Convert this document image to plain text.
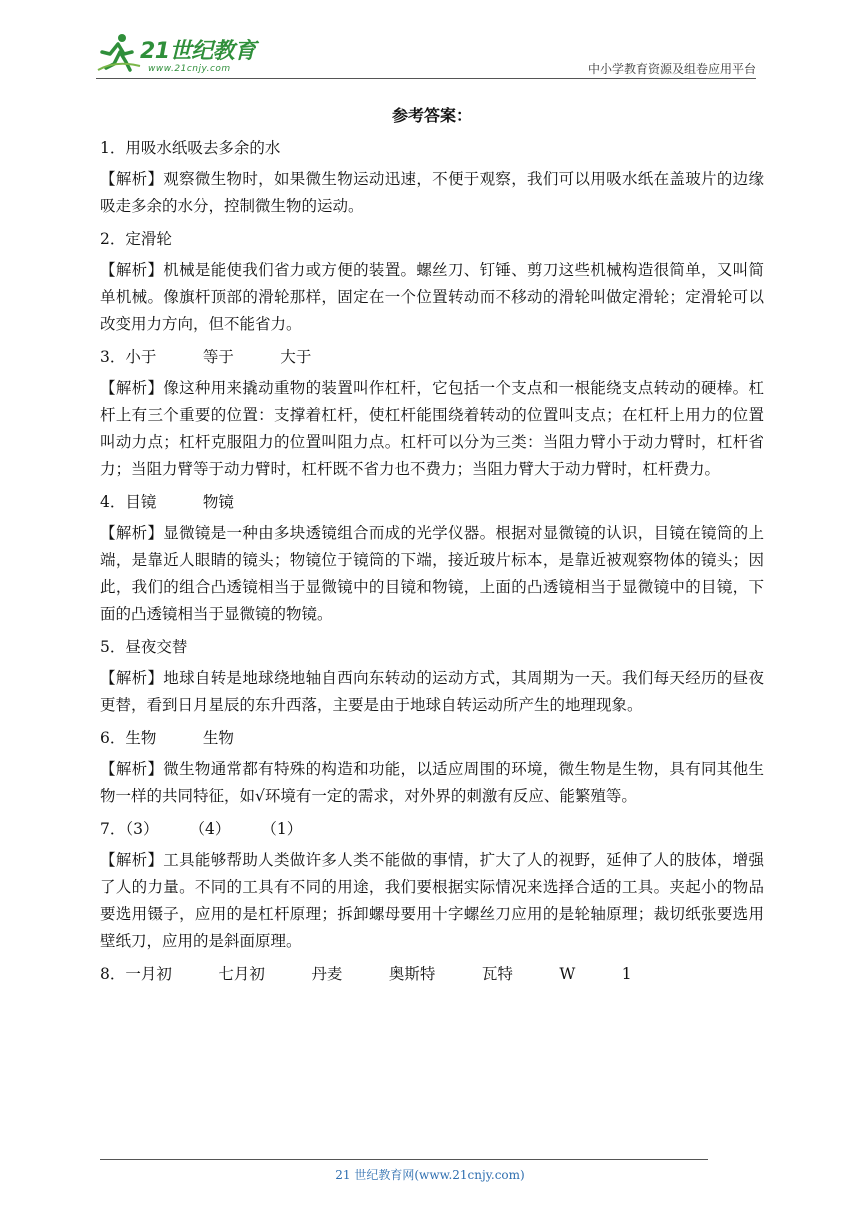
21世纪教育
www.21cnjy.com	中小学教育资源及组卷应用平台
参考答案：
1．用吸水纸吸去多余的水
【解析】观察微生物时，如果微生物运动迅速，不便于观察，我们可以用吸水纸在盖玻片的边缘吸走多余的水分，控制微生物的运动。
2．定滑轮
【解析】机械是能使我们省力或方便的装置。螺丝刀、钉锤、剪刀这些机械构造很简单，又叫简单机械。像旗杆顶部的滑轮那样，固定在一个位置转动而不移动的滑轮叫做定滑轮；定滑轮可以改变用力方向，但不能省力。
3．小于　　　等于　　　大于
【解析】像这种用来撬动重物的装置叫作杠杆，它包括一个支点和一根能绕支点转动的硬棒。杠杆上有三个重要的位置：支撑着杠杆，使杠杆能围绕着转动的位置叫支点；在杠杆上用力的位置叫动力点；杠杆克服阻力的位置叫阻力点。杠杆可以分为三类：当阻力臂小于动力臂时，杠杆省力；当阻力臂等于动力臂时，杠杆既不省力也不费力；当阻力臂大于动力臂时，杠杆费力。
4．目镜　　　物镜
【解析】显微镜是一种由多块透镜组合而成的光学仪器。根据对显微镜的认识，目镜在镜筒的上端，是靠近人眼睛的镜头；物镜位于镜筒的下端，接近玻片标本，是靠近被观察物体的镜头；因此，我们的组合凸透镜相当于显微镜中的目镜和物镜，上面的凸透镜相当于显微镜中的目镜，下面的凸透镜相当于显微镜的物镜。
5．昼夜交替
【解析】地球自转是地球绕地轴自西向东转动的运动方式，其周期为一天。我们每天经历的昼夜更替，看到日月星辰的东升西落，主要是由于地球自转运动所产生的地理现象。
6．生物　　　生物
【解析】微生物通常都有特殊的构造和功能，以适应周围的环境，微生物是生物，具有同其他生物一样的共同特征，如√环境有一定的需求，对外界的刺激有反应、能繁殖等。
7．（3）　　　（4）　　　（1）
【解析】工具能够帮助人类做许多人类不能做的事情，扩大了人的视野，延伸了人的肢体，增强了人的力量。不同的工具有不同的用途，我们要根据实际情况来选择合适的工具。夹起小的物品要选用镊子，应用的是杠杆原理；拆卸螺母要用十字螺丝刀应用的是轮轴原理；裁切纸张要选用壁纸刀，应用的是斜面原理。
8．一月初　　　七月初　　　丹麦　　　奥斯特　　　瓦特　　　W　　　1
21 世纪教育网(www.21cnjy.com)
